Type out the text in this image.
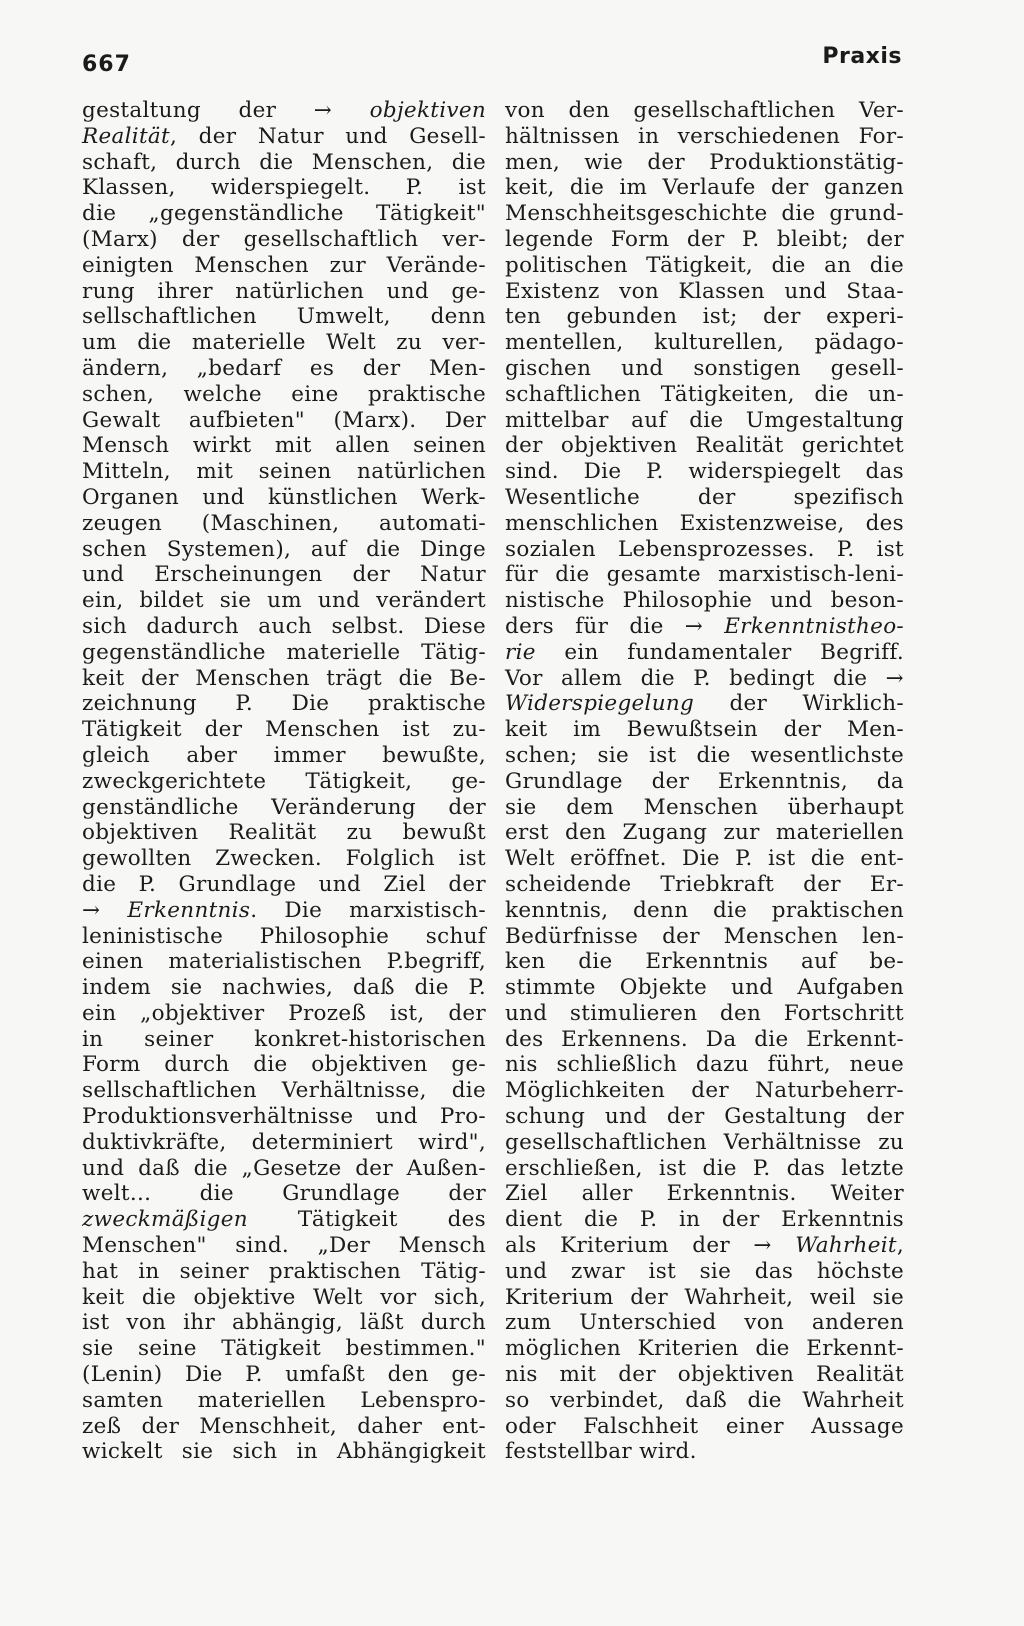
667	Praxis
gestaltung der → objektiven
Realität, der Natur und Gesell-
schaft, durch die Menschen, die
Klassen, widerspiegelt. P. ist
die „gegenständliche Tätigkeit"
(Marx) der gesellschaftlich ver-
einigten Menschen zur Verände-
rung ihrer natürlichen und ge-
sellschaftlichen Umwelt, denn
um die materielle Welt zu ver-
ändern, „bedarf es der Men-
schen, welche eine praktische
Gewalt aufbieten" (Marx). Der
Mensch wirkt mit allen seinen
Mitteln, mit seinen natürlichen
Organen und künstlichen Werk-
zeugen (Maschinen, automati-
schen Systemen), auf die Dinge
und Erscheinungen der Natur
ein, bildet sie um und verändert
sich dadurch auch selbst. Diese
gegenständliche materielle Tätig-
keit der Menschen trägt die Be-
zeichnung P. Die praktische
Tätigkeit der Menschen ist zu-
gleich aber immer bewußte,
zweckgerichtete Tätigkeit, ge-
genständliche Veränderung der
objektiven Realität zu bewußt
gewollten Zwecken. Folglich ist
die P. Grundlage und Ziel der
→ Erkenntnis. Die marxistisch-
leninistische Philosophie schuf
einen materialistischen P.begriff,
indem sie nachwies, daß die P.
ein „objektiver Prozeß ist, der
in seiner konkret-historischen
Form durch die objektiven ge-
sellschaftlichen Verhältnisse, die
Produktionsverhältnisse und Pro-
duktivkräfte, determiniert wird",
und daß die „Gesetze der Außen-
welt... die Grundlage der
zweckmäßigen Tätigkeit des
Menschen" sind. „Der Mensch
hat in seiner praktischen Tätig-
keit die objektive Welt vor sich,
ist von ihr abhängig, läßt durch
sie seine Tätigkeit bestimmen."
(Lenin) Die P. umfaßt den ge-
samten materiellen Lebenspro-
zeß der Menschheit, daher ent-
wickelt sie sich in Abhängigkeit
von den gesellschaftlichen Ver-
hältnissen in verschiedenen For-
men, wie der Produktionstätig-
keit, die im Verlaufe der ganzen
Menschheitsgeschichte die grund-
legende Form der P. bleibt; der
politischen Tätigkeit, die an die
Existenz von Klassen und Staa-
ten gebunden ist; der experi-
mentellen, kulturellen, pädago-
gischen und sonstigen gesell-
schaftlichen Tätigkeiten, die un-
mittelbar auf die Umgestaltung
der objektiven Realität gerichtet
sind. Die P. widerspiegelt das
Wesentliche der spezifisch
menschlichen Existenzweise, des
sozialen Lebensprozesses. P. ist
für die gesamte marxistisch-leni-
nistische Philosophie und beson-
ders für die → Erkenntnistheo-
rie ein fundamentaler Begriff.
Vor allem die P. bedingt die →
Widerspiegelung der Wirklich-
keit im Bewußtsein der Men-
schen; sie ist die wesentlichste
Grundlage der Erkenntnis, da
sie dem Menschen überhaupt
erst den Zugang zur materiellen
Welt eröffnet. Die P. ist die ent-
scheidende Triebkraft der Er-
kenntnis, denn die praktischen
Bedürfnisse der Menschen len-
ken die Erkenntnis auf be-
stimmte Objekte und Aufgaben
und stimulieren den Fortschritt
des Erkennens. Da die Erkennt-
nis schließlich dazu führt, neue
Möglichkeiten der Naturbeherr-
schung und der Gestaltung der
gesellschaftlichen Verhältnisse zu
erschließen, ist die P. das letzte
Ziel aller Erkenntnis. Weiter
dient die P. in der Erkenntnis
als Kriterium der → Wahrheit,
und zwar ist sie das höchste
Kriterium der Wahrheit, weil sie
zum Unterschied von anderen
möglichen Kriterien die Erkennt-
nis mit der objektiven Realität
so verbindet, daß die Wahrheit
oder Falschheit einer Aussage
feststellbar wird.
